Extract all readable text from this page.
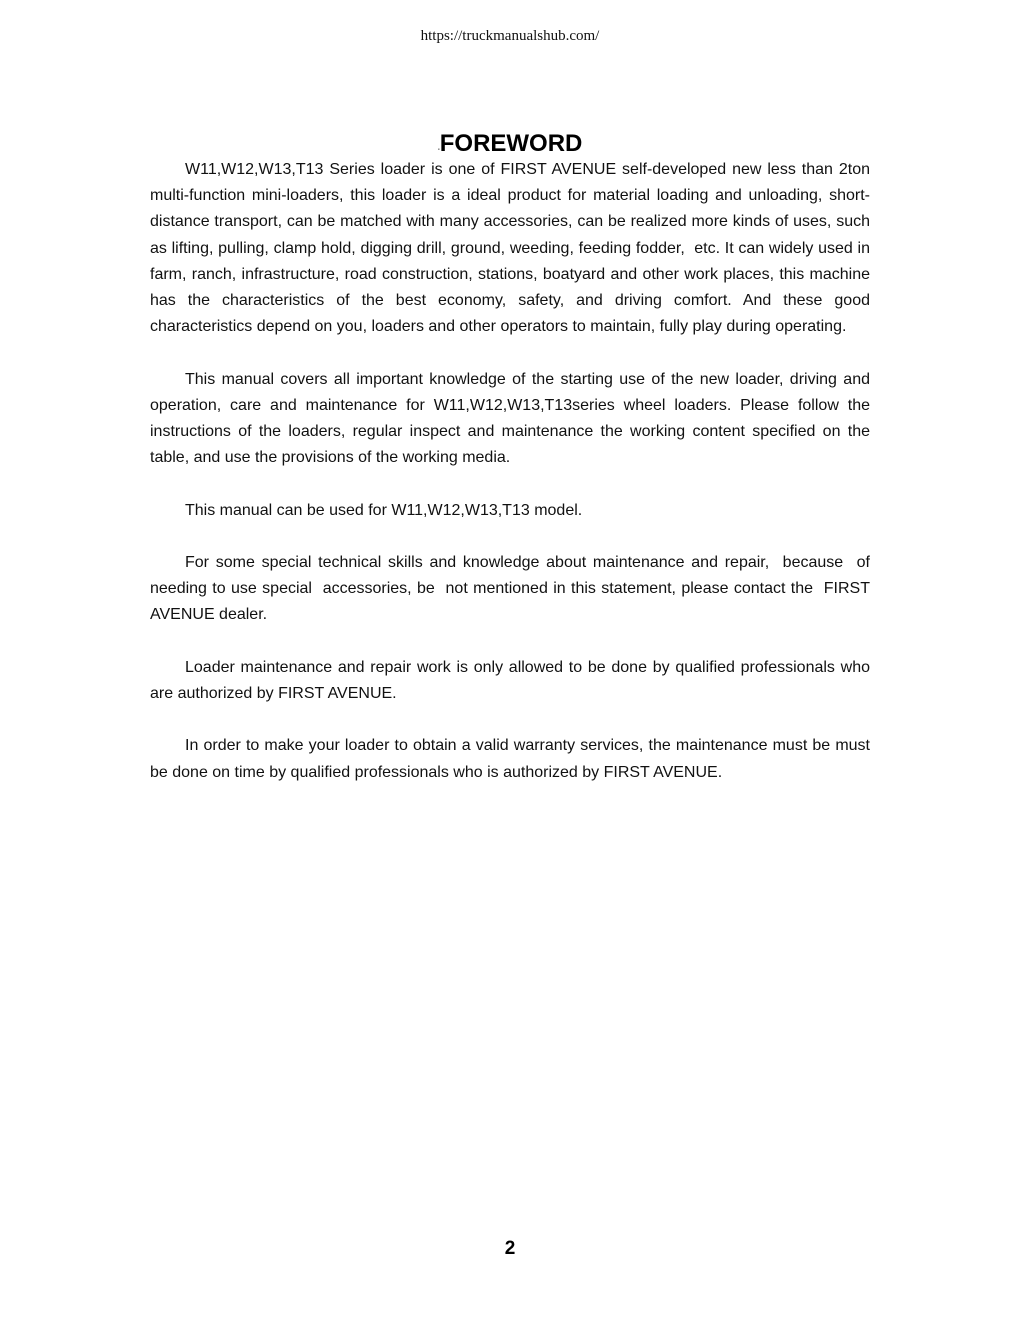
https://truckmanualshub.com/
▪FOREWORD

W11,W12,W13,T13 Series loader is one of FIRST AVENUE self-developed new less than 2ton multi-function mini-loaders, this loader is a ideal product for material loading and unloading, short-distance transport, can be matched with many accessories, can be realized more kinds of uses, such as lifting, pulling, clamp hold, digging drill, ground, weeding, feeding fodder,  etc. It can widely used in farm, ranch, infrastructure, road construction, stations, boatyard and other work places, this machine has the characteristics of the best economy, safety, and driving comfort. And these good characteristics depend on you, loaders and other operators to maintain, fully play during operating.

This manual covers all important knowledge of the starting use of the new loader, driving and operation, care and maintenance for W11,W12,W13,T13series wheel loaders. Please follow the instructions of the loaders, regular inspect and maintenance the working content specified on the table, and use the provisions of the working media.

This manual can be used for W11,W12,W13,T13 model.

For some special technical skills and knowledge about maintenance and repair,  because  of needing to use special  accessories, be  not mentioned in this statement, please contact the  FIRST AVENUE dealer.

Loader maintenance and repair work is only allowed to be done by qualified professionals who are authorized by FIRST AVENUE.

In order to make your loader to obtain a valid warranty services, the maintenance must be must be done on time by qualified professionals who is authorized by FIRST AVENUE.

2
